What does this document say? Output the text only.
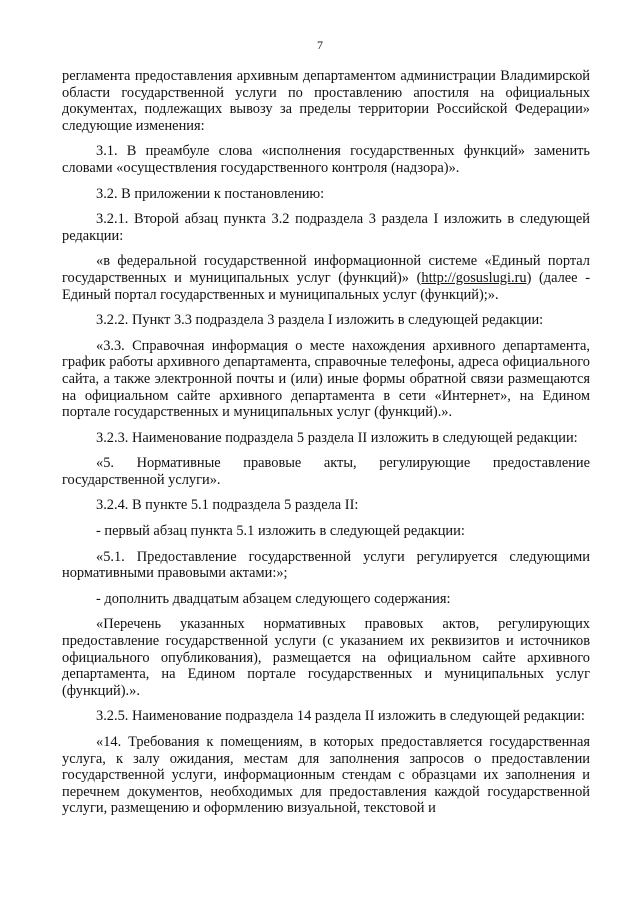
7

регламента предоставления архивным департаментом администрации Владимирской области государственной услуги по проставлению апостиля на официальных документах, подлежащих вывозу за пределы территории Российской Федерации» следующие изменения:

3.1. В преамбуле слова «исполнения государственных функций» заменить словами «осуществления государственного контроля (надзора)».

3.2. В приложении к постановлению:

3.2.1. Второй абзац пункта 3.2 подраздела 3 раздела I изложить в следующей редакции:

«в федеральной государственной информационной системе «Единый портал государственных и муниципальных услуг (функций)» (http://gosuslugi.ru) (далее - Единый портал государственных и муниципальных услуг (функций);».

3.2.2. Пункт 3.3 подраздела 3 раздела I изложить в следующей редакции:

«3.3. Справочная информация о месте нахождения архивного департамента, график работы архивного департамента, справочные телефоны, адреса официального сайта, а также электронной почты и (или) иные формы обратной связи размещаются на официальном сайте архивного департамента в сети «Интернет», на Едином портале государственных и муниципальных услуг (функций).».

3.2.3. Наименование подраздела 5 раздела II изложить в следующей редакции:

«5. Нормативные правовые акты, регулирующие предоставление государственной услуги».

3.2.4. В пункте 5.1 подраздела 5 раздела II:

- первый абзац пункта 5.1 изложить в следующей редакции:

«5.1. Предоставление государственной услуги регулируется следующими нормативными правовыми актами:»;

- дополнить двадцатым абзацем следующего содержания:

«Перечень указанных нормативных правовых актов, регулирующих предоставление государственной услуги (с указанием их реквизитов и источников официального опубликования), размещается на официальном сайте архивного департамента, на Едином портале государственных и муниципальных услуг (функций).».

3.2.5. Наименование подраздела 14 раздела II изложить в следующей редакции:

«14. Требования к помещениям, в которых предоставляется государственная услуга, к залу ожидания, местам для заполнения запросов о предоставлении государственной услуги, информационным стендам с образцами их заполнения и перечнем документов, необходимых для предоставления каждой государственной услуги, размещению и оформлению визуальной, текстовой и
